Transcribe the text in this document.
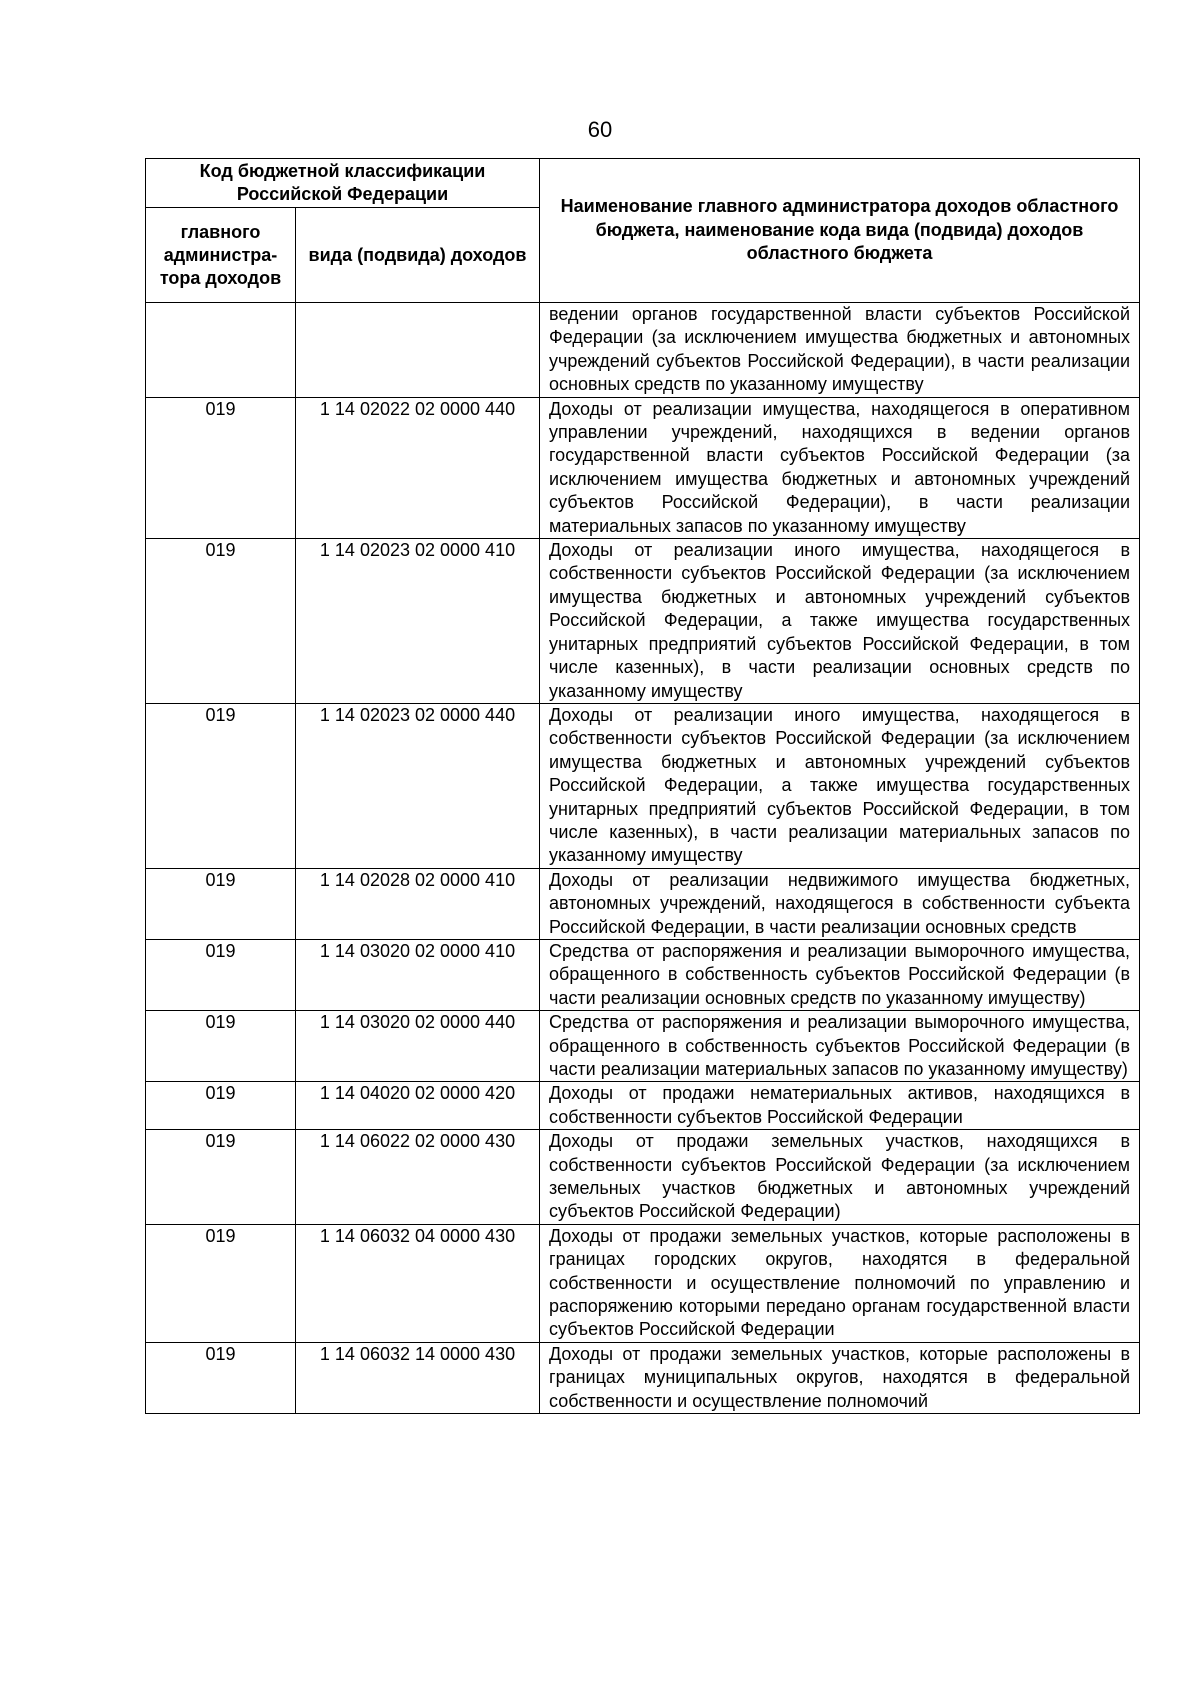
60
Код бюджетной классификации Российской Федерации		Наименование главного администратора доходов областного бюджета, наименование кода вида (подвида) доходов областного бюджета
главного администра-тора доходов	вида (подвида) доходов	
		ведении органов государственной власти субъектов Российской Федерации (за исключением имущества бюджетных и автономных учреждений субъектов Российской Федерации), в части реализации основных средств по указанному имуществу
019	1 14 02022 02 0000 440	Доходы от реализации имущества, находящегося в оперативном управлении учреждений, находящихся в ведении органов государственной власти субъектов Российской Федерации (за исключением имущества бюджетных и автономных учреждений субъектов Российской Федерации), в части реализации материальных запасов по указанному имуществу
019	1 14 02023 02 0000 410	Доходы от реализации иного имущества, находящегося в собственности субъектов Российской Федерации (за исключением имущества бюджетных и автономных учреждений субъектов Российской Федерации, а также имущества государственных унитарных предприятий субъектов Российской Федерации, в том числе казенных), в части реализации основных средств по указанному имуществу
019	1 14 02023 02 0000 440	Доходы от реализации иного имущества, находящегося в собственности субъектов Российской Федерации (за исключением имущества бюджетных и автономных учреждений субъектов Российской Федерации, а также имущества государственных унитарных предприятий субъектов Российской Федерации, в том числе казенных), в части реализации материальных запасов по указанному имуществу
019	1 14 02028 02 0000 410	Доходы от реализации недвижимого имущества бюджетных, автономных учреждений, находящегося в собственности субъекта Российской Федерации, в части реализации основных средств
019	1 14 03020 02 0000 410	Средства от распоряжения и реализации выморочного имущества, обращенного в собственность субъектов Российской Федерации (в части реализации основных средств по указанному имуществу)
019	1 14 03020 02 0000 440	Средства от распоряжения и реализации выморочного имущества, обращенного в собственность субъектов Российской Федерации (в части реализации материальных запасов по указанному имуществу)
019	1 14 04020 02 0000 420	Доходы от продажи нематериальных активов, находящихся в собственности субъектов Российской Федерации
019	1 14 06022 02 0000 430	Доходы от продажи земельных участков, находящихся в собственности субъектов Российской Федерации (за исключением земельных участков бюджетных и автономных учреждений субъектов Российской Федерации)
019	1 14 06032 04 0000 430	Доходы от продажи земельных участков, которые расположены в границах городских округов, находятся в федеральной собственности и осуществление полномочий по управлению и распоряжению которыми передано органам государственной власти субъектов Российской Федерации
019	1 14 06032 14 0000 430	Доходы от продажи земельных участков, которые расположены в границах муниципальных округов, находятся в федеральной собственности и осуществление полномочий
